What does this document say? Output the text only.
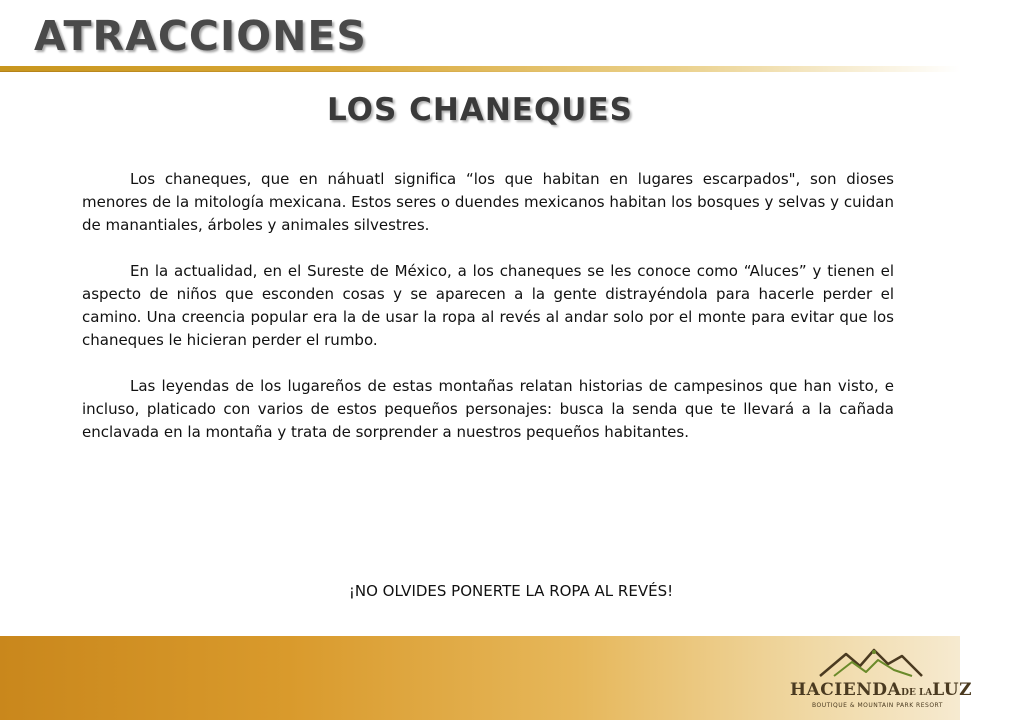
ATRACCIONES
LOS CHANEQUES

Los chaneques, que en náhuatl significa “los que habitan en lugares escarpados", son dioses menores de la mitología mexicana. Estos seres o duendes mexicanos habitan los bosques y selvas y cuidan de manantiales, árboles y animales silvestres.

En la actualidad, en el Sureste de México, a los chaneques se les conoce como “Aluces” y tienen el aspecto de niños que esconden cosas y se aparecen a la gente distrayéndola para hacerle perder el camino. Una creencia popular era la de usar la ropa al revés al andar solo por el monte para evitar que los chaneques le hicieran perder el rumbo.

Las leyendas de los lugareños de estas montañas relatan historias de campesinos que han visto, e incluso, platicado con varios de estos pequeños personajes: busca la senda que te llevará a la cañada enclavada en la montaña y trata de sorprender a nuestros pequeños habitantes.

¡NO OLVIDES PONERTE LA ROPA AL REVÉS!

HACIENDADE LALUZ
BOUTIQUE & MOUNTAIN PARK RESORT
